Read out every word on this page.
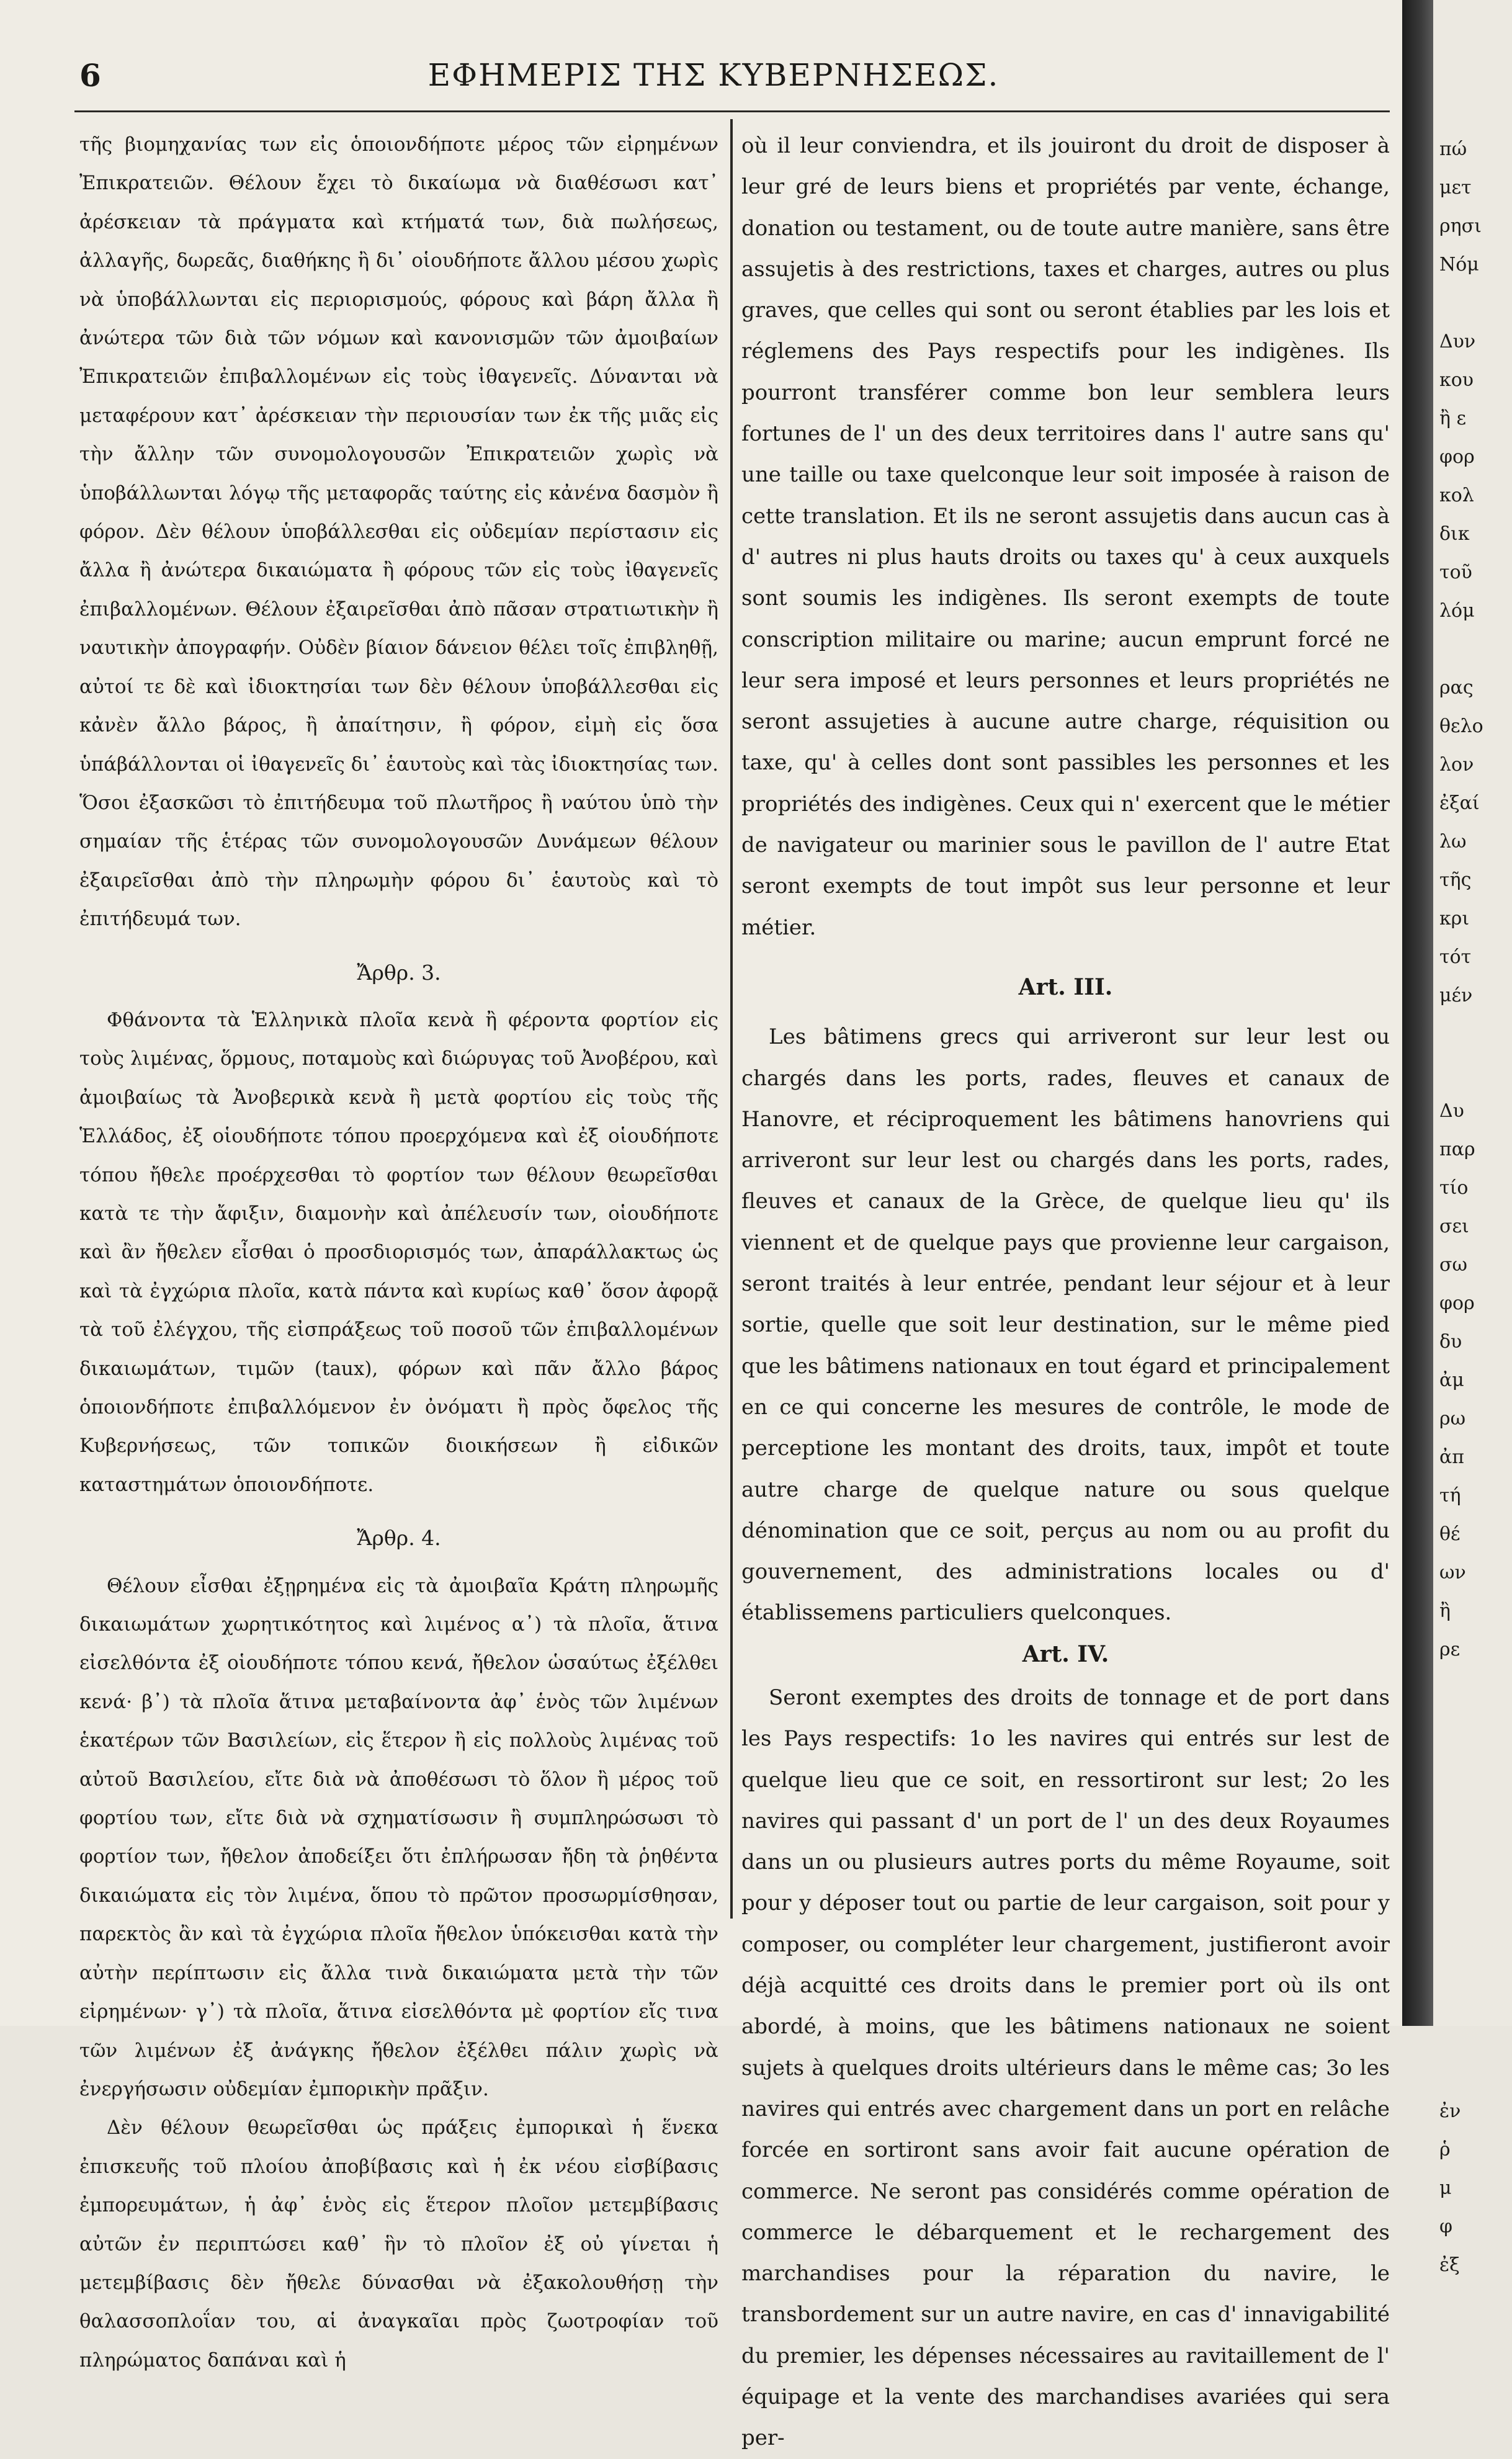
6	ΕΦΗΜΕΡΙΣ ΤΗΣ ΚΥΒΕΡΝΗΣΕΩΣ.

τῆς βιομηχανίας των εἰς ὁποιονδήποτε μέρος τῶν εἰρημένων Ἐπικρατειῶν. Θέλουν ἔχει τὸ δικαίωμα νὰ διαθέσωσι κατ᾽ ἀρέσκειαν τὰ πράγματα καὶ κτήματά των, διὰ πωλήσεως, ἀλλαγῆς, δωρεᾶς, διαθήκης ἢ δι᾽ οἱουδήποτε ἄλλου μέσου χωρὶς νὰ ὑποβάλλωνται εἰς περιορισμούς, φόρους καὶ βάρη ἄλλα ἢ ἀνώτερα τῶν διὰ τῶν νόμων καὶ κανονισμῶν τῶν ἀμοιβαίων Ἐπικρατειῶν ἐπιβαλλομένων εἰς τοὺς ἰθαγενεῖς. Δύνανται νὰ μεταφέρουν κατ᾽ ἀρέσκειαν τὴν περιουσίαν των ἐκ τῆς μιᾶς εἰς τὴν ἄλλην τῶν συνομολογουσῶν Ἐπικρατειῶν χωρὶς νὰ ὑποβάλλωνται λόγῳ τῆς μεταφορᾶς ταύτης εἰς κἀνένα δασμὸν ἢ φόρον. Δὲν θέλουν ὑποβάλλεσθαι εἰς οὐδεμίαν περίστασιν εἰς ἄλλα ἢ ἀνώτερα δικαιώματα ἢ φόρους τῶν εἰς τοὺς ἰθαγενεῖς ἐπιβαλλομένων. Θέλουν ἐξαιρεῖσθαι ἀπὸ πᾶσαν στρατιωτικὴν ἢ ναυτικὴν ἀπογραφήν. Οὐδὲν βίαιον δάνειον θέλει τοῖς ἐπιβληθῇ, αὐτοί τε δὲ καὶ ἰδιοκτησίαι των δὲν θέλουν ὑποβάλλεσθαι εἰς κἀνὲν ἄλλο βάρος, ἢ ἀπαίτησιν, ἢ φόρον, εἰμὴ εἰς ὅσα ὑπάβάλλονται οἱ ἰθαγενεῖς δι᾽ ἑαυτοὺς καὶ τὰς ἰδιοκτησίας των. Ὅσοι ἐξασκῶσι τὸ ἐπιτήδευμα τοῦ πλωτῆρος ἢ ναύτου ὑπὸ τὴν σημαίαν τῆς ἑτέρας τῶν συνομολογουσῶν Δυνάμεων θέλουν ἐξαιρεῖσθαι ἀπὸ τὴν πληρωμὴν φόρου δι᾽ ἑαυτοὺς καὶ τὸ ἐπιτήδευμά των.

Ἄρθρ. 3.

Φθάνοντα τὰ Ἑλληνικὰ πλοῖα κενὰ ἢ φέροντα φορτίον εἰς τοὺς λιμένας, ὅρμους, ποταμοὺς καὶ διώρυγας τοῦ Ἀνοβέρου, καὶ ἀμοιβαίως τὰ Ἀνοβερικὰ κενὰ ἢ μετὰ φορτίου εἰς τοὺς τῆς Ἑλλάδος, ἐξ οἱουδήποτε τόπου προερχόμενα καὶ ἐξ οἱουδήποτε τόπου ἤθελε προέρχεσθαι τὸ φορτίον των θέλουν θεωρεῖσθαι κατὰ τε τὴν ἄφιξιν, διαμονὴν καὶ ἀπέλευσίν των, οἱουδήποτε καὶ ἂν ἤθελεν εἶσθαι ὁ προσδιορισμός των, ἀπαράλλακτως ὡς καὶ τὰ ἐγχώρια πλοῖα, κατὰ πάντα καὶ κυρίως καθ᾽ ὅσον ἀφορᾷ τὰ τοῦ ἐλέγχου, τῆς εἰσπράξεως τοῦ ποσοῦ τῶν ἐπιβαλλομένων δικαιωμάτων, τιμῶν (taux), φόρων καὶ πᾶν ἄλλο βάρος ὁποιονδήποτε ἐπιβαλλόμενον ἐν ὀνόματι ἢ πρὸς ὄφελος τῆς Κυβερνήσεως, τῶν τοπικῶν διοικήσεων ἢ εἰδικῶν καταστημάτων ὁποιονδήποτε.

Ἄρθρ. 4.

Θέλουν εἶσθαι ἐξῃρημένα εἰς τὰ ἀμοιβαῖα Κράτη πληρωμῆς δικαιωμάτων χωρητικότητος καὶ λιμένος α᾽) τὰ πλοῖα, ἅτινα εἰσελθόντα ἐξ οἱουδήποτε τόπου κενά, ἤθελον ὡσαύτως ἐξέλθει κενά· β᾽) τὰ πλοῖα ἅτινα μεταβαίνοντα ἀφ᾽ ἑνὸς τῶν λιμένων ἑκατέρων τῶν Βασιλείων, εἰς ἕτερον ἢ εἰς πολλοὺς λιμένας τοῦ αὐτοῦ Βασιλείου, εἴτε διὰ νὰ ἀποθέσωσι τὸ ὅλον ἢ μέρος τοῦ φορτίου των, εἴτε διὰ νὰ σχηματίσωσιν ἢ συμπληρώσωσι τὸ φορτίον των, ἤθελον ἀποδείξει ὅτι ἐπλήρωσαν ἤδη τὰ ῥηθέντα δικαιώματα εἰς τὸν λιμένα, ὅπου τὸ πρῶτον προσωρμίσθησαν, παρεκτὸς ἂν καὶ τὰ ἐγχώρια πλοῖα ἤθελον ὑπόκεισθαι κατὰ τὴν αὐτὴν περίπτωσιν εἰς ἄλλα τινὰ δικαιώματα μετὰ τὴν τῶν εἰρημένων· γ᾽) τὰ πλοῖα, ἅτινα εἰσελθόντα μὲ φορτίον εἴς τινα τῶν λιμένων ἐξ ἀνάγκης ἤθελον ἐξέλθει πάλιν χωρὶς νὰ ἐνεργήσωσιν οὐδεμίαν ἐμπορικὴν πρᾶξιν.

Δὲν θέλουν θεωρεῖσθαι ὡς πράξεις ἐμπορικαὶ ἡ ἕνεκα ἐπισκευῆς τοῦ πλοίου ἀποβίβασις καὶ ἡ ἐκ νέου εἰσβίβασις ἐμπορευμάτων, ἡ ἀφ᾽ ἑνὸς εἰς ἕτερον πλοῖον μετεμβίβασις αὐτῶν ἐν περιπτώσει καθ᾽ ἣν τὸ πλοῖον ἐξ οὐ γίνεται ἡ μετεμβίβασις δὲν ἤθελε δύνασθαι νὰ ἐξακολουθήσῃ τὴν θαλασσοπλοΐαν του, αἱ ἀναγκαῖαι πρὸς ζωοτροφίαν τοῦ πληρώματος δαπάναι καὶ ἡ

où il leur conviendra, et ils jouiront du droit de disposer à leur gré de leurs biens et propriétés par vente, échange, donation ou testament, ou de toute autre manière, sans être assujetis à des restrictions, taxes et charges, autres ou plus graves, que celles qui sont ou seront établies par les lois et réglemens des Pays respectifs pour les indigènes. Ils pourront transférer comme bon leur semblera leurs fortunes de l' un des deux territoires dans l' autre sans qu' une taille ou taxe quelconque leur soit imposée à raison de cette translation. Et ils ne seront assujetis dans aucun cas à d' autres ni plus hauts droits ou taxes qu' à ceux auxquels sont soumis les indigènes. Ils seront exempts de toute conscription militaire ou marine; aucun emprunt forcé ne leur sera imposé et leurs personnes et leurs propriétés ne seront assujeties à aucune autre charge, réquisition ou taxe, qu' à celles dont sont passibles les personnes et les propriétés des indigènes. Ceux qui n' exercent que le métier de navigateur ou marinier sous le pavillon de l' autre Etat seront exempts de tout impôt sus leur personne et leur métier.

Art. III.

Les bâtimens grecs qui arriveront sur leur lest ou chargés dans les ports, rades, fleuves et canaux de Hanovre, et réciproquement les bâtimens hanovriens qui arriveront sur leur lest ou chargés dans les ports, rades, fleuves et canaux de la Grèce, de quelque lieu qu' ils viennent et de quelque pays que provienne leur cargaison, seront traités à leur entrée, pendant leur séjour et à leur sortie, quelle que soit leur destination, sur le même pied que les bâtimens nationaux en tout égard et principalement en ce qui concerne les mesures de contrôle, le mode de perceptione les montant des droits, taux, impôt et toute autre charge de quelque nature ou sous quelque dénomination que ce soit, perçus au nom ou au profit du gouvernement, des administrations locales ou d' établissemens particuliers quelconques.

Art. IV.

Seront exemptes des droits de tonnage et de port dans les Pays respectifs: 1o les navires qui entrés sur lest de quelque lieu que ce soit, en ressortiront sur lest; 2o les navires qui passant d' un port de l' un des deux Royaumes dans un ou plusieurs autres ports du même Royaume, soit pour y déposer tout ou partie de leur cargaison, soit pour y composer, ou compléter leur chargement, justifieront avoir déjà acquitté ces droits dans le premier port où ils ont abordé, à moins, que les bâtimens nationaux ne soient sujets à quelques droits ultérieurs dans le même cas; 3o les navires qui entrés avec chargement dans un port en relâche forcée en sortiront sans avoir fait aucune opération de commerce. Ne seront pas considérés comme opération de commerce le débarquement et le rechargement des marchandises pour la réparation du navire, le transbordement sur un autre navire, en cas d' innavigabilité du premier, les dépenses nécessaires au ravitaillement de l' équipage et la vente des marchandises avariées qui sera per-

πώ

μετ

ρησι

Νόμ

Δυν

κου

ἢ ε

φορ

κολ

δικ

τοῦ

λόμ

ρας

θελο

λον

ἐξαί

λω

τῆς

κρι

τότ

μέν

Δυ

παρ

τίο

σει

σω

φορ

δυ

ἀμ

ρω

ἀπ

τή

θέ

ων

ἢ

ρε

ἐν

ῥ

μ

φ

ἐξ
